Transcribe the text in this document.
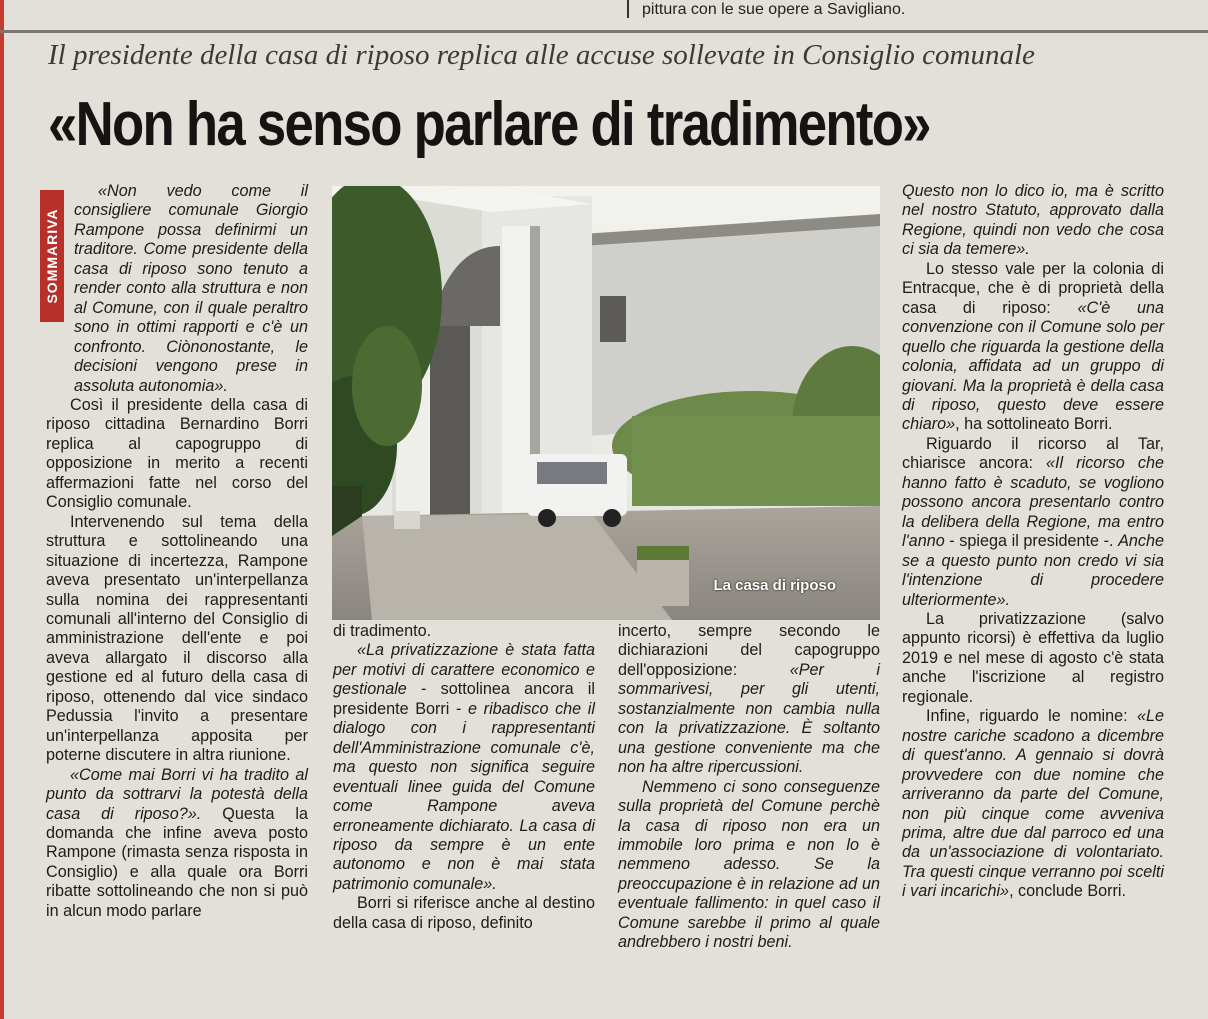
pittura con le sue opere a Savigliano.
Il presidente della casa di riposo replica alle accuse sollevate in Consiglio comunale
«Non ha senso parlare di tradimento»
SOMMARIVA

«Non vedo come il consigliere comunale Giorgio Rampone possa definirmi un traditore. Come presidente della casa di riposo sono tenuto a render conto alla struttura e non al Comune, con il quale peraltro sono in ottimi rapporti e c'è un confronto. Ciònonostante, le decisioni vengono prese in assoluta autonomia».

Così il presidente della casa di riposo cittadina Bernardino Borri replica al capogruppo di opposizione in merito a recenti affermazioni fatte nel corso del Consiglio comunale.

Intervenendo sul tema della struttura e sottolineando una situazione di incertezza, Rampone aveva presentato un'interpellanza sulla nomina dei rappresentanti comunali all'interno del Consiglio di amministrazione dell'ente e poi aveva allargato il discorso alla gestione ed al futuro della casa di riposo, ottenendo dal vice sindaco Pedussia l'invito a presentare un'interpellanza apposita per poterne discutere in altra riunione.

«Come mai Borri vi ha tradito al punto da sottrarvi la potestà della casa di riposo?». Questa la domanda che infine aveva posto Rampone (rimasta senza risposta in Consiglio) e alla quale ora Borri ribatte sottolineando che non si può in alcun modo parlare

La casa di riposo

di tradimento.

«La privatizzazione è stata fatta per motivi di carattere economico e gestionale - sottolinea ancora il presidente Borri - e ribadisco che il dialogo con i rappresentanti dell'Amministrazione comunale c'è, ma questo non significa seguire eventuali linee guida del Comune come Rampone aveva erroneamente dichiarato. La casa di riposo da sempre è un ente autonomo e non è mai stata patrimonio comunale».

Borri si riferisce anche al destino della casa di riposo, definito

incerto, sempre secondo le dichiarazioni del capogruppo dell'opposizione: «Per i sommarivesi, per gli utenti, sostanzialmente non cambia nulla con la privatizzazione. È soltanto una gestione conveniente ma che non ha altre ripercussioni.

Nemmeno ci sono conseguenze sulla proprietà del Comune perchè la casa di riposo non era un immobile loro prima e non lo è nemmeno adesso. Se la preoccupazione è in relazione ad un eventuale fallimento: in quel caso il Comune sarebbe il primo al quale andrebbero i nostri beni.

Questo non lo dico io, ma è scritto nel nostro Statuto, approvato dalla Regione, quindi non vedo che cosa ci sia da temere».

Lo stesso vale per la colonia di Entracque, che è di proprietà della casa di riposo: «C'è una convenzione con il Comune solo per quello che riguarda la gestione della colonia, affidata ad un gruppo di giovani. Ma la proprietà è della casa di riposo, questo deve essere chiaro», ha sottolineato Borri.

Riguardo il ricorso al Tar, chiarisce ancora: «Il ricorso che hanno fatto è scaduto, se vogliono possono ancora presentarlo contro la delibera della Regione, ma entro l'anno - spiega il presidente -. Anche se a questo punto non credo vi sia l'intenzione di procedere ulteriormente».

La privatizzazione (salvo appunto ricorsi) è effettiva da luglio 2019 e nel mese di agosto c'è stata anche l'iscrizione al registro regionale.

Infine, riguardo le nomine: «Le nostre cariche scadono a dicembre di quest'anno. A gennaio si dovrà provvedere con due nomine che arriveranno da parte del Comune, non più cinque come avveniva prima, altre due dal parroco ed una da un'associazione di volontariato. Tra questi cinque verranno poi scelti i vari incarichi», conclude Borri.
